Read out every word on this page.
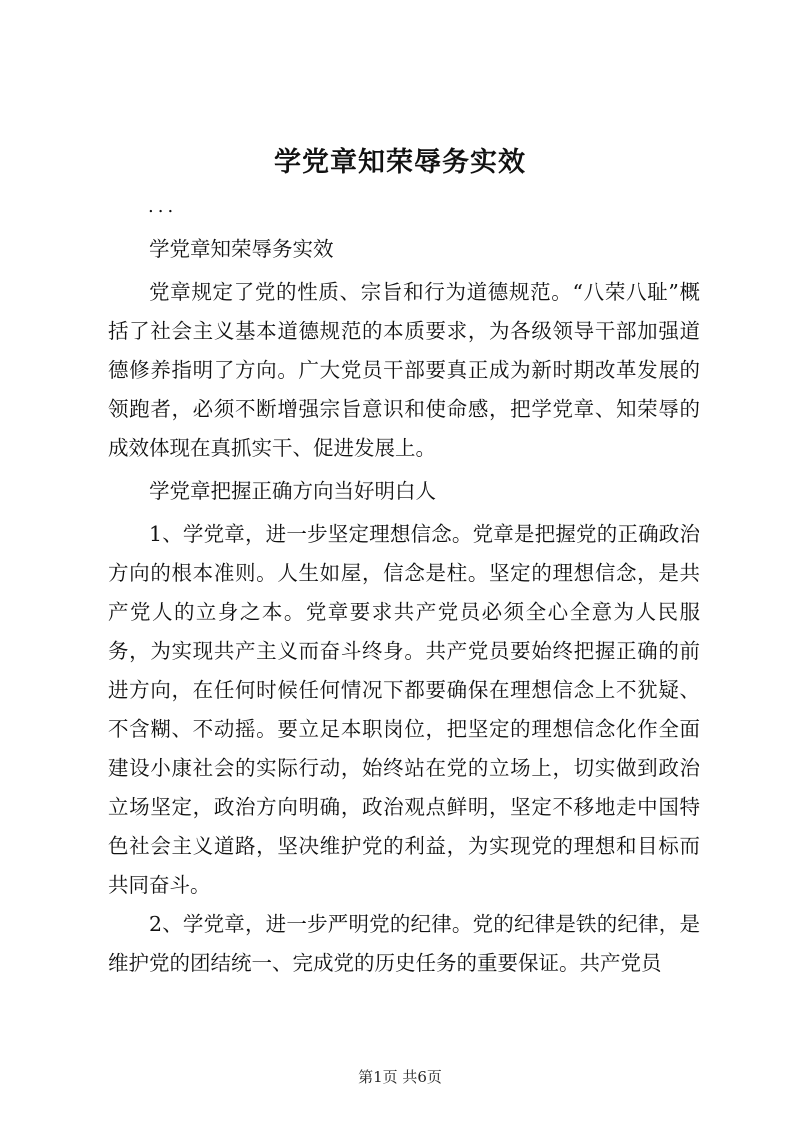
学党章知荣辱务实效
...

学党章知荣辱务实效

党章规定了党的性质、宗旨和行为道德规范。“八荣八耻”概括了社会主义基本道德规范的本质要求，为各级领导干部加强道德修养指明了方向。广大党员干部要真正成为新时期改革发展的领跑者，必须不断增强宗旨意识和使命感，把学党章、知荣辱的成效体现在真抓实干、促进发展上。

学党章把握正确方向当好明白人

1、学党章，进一步坚定理想信念。党章是把握党的正确政治方向的根本准则。人生如屋，信念是柱。坚定的理想信念，是共产党人的立身之本。党章要求共产党员必须全心全意为人民服务，为实现共产主义而奋斗终身。共产党员要始终把握正确的前进方向，在任何时候任何情况下都要确保在理想信念上不犹疑、不含糊、不动摇。要立足本职岗位，把坚定的理想信念化作全面建设小康社会的实际行动，始终站在党的立场上，切实做到政治立场坚定，政治方向明确，政治观点鲜明，坚定不移地走中国特色社会主义道路，坚决维护党的利益，为实现党的理想和目标而共同奋斗。

2、学党章，进一步严明党的纪律。党的纪律是铁的纪律，是维护党的团结统一、完成党的历史任务的重要保证。共产党员

第1页 共6页
